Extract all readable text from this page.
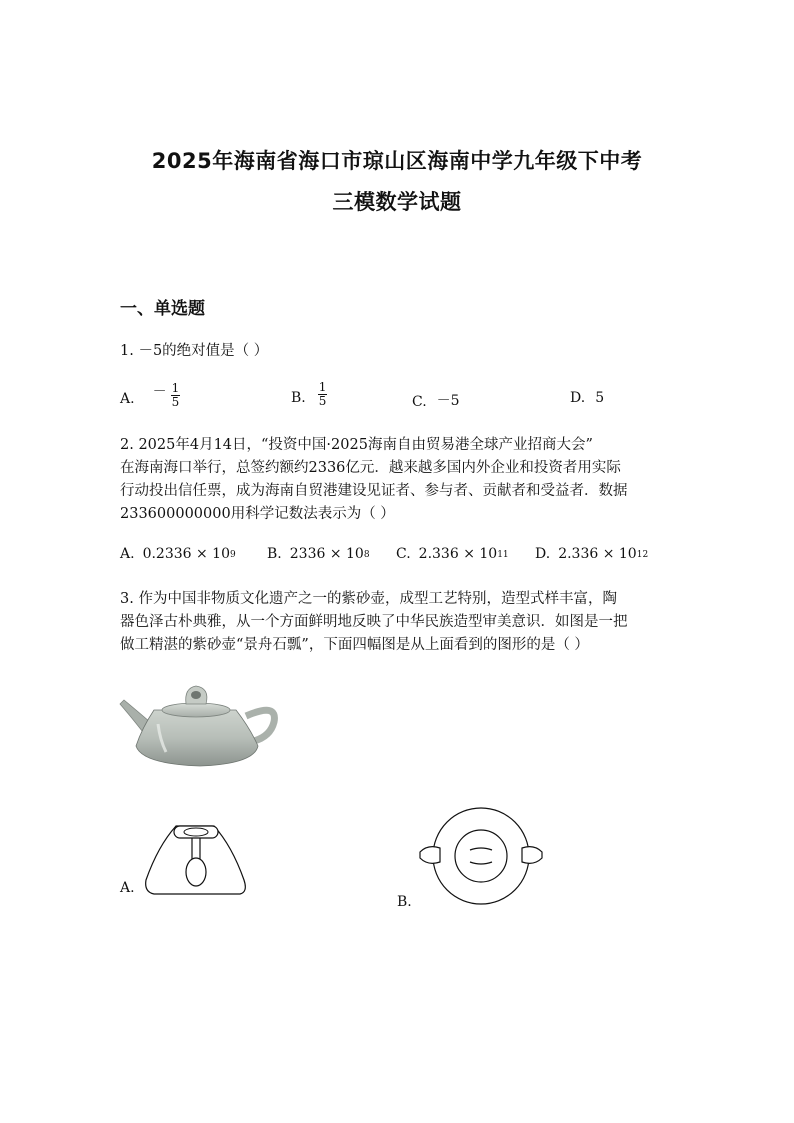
2025年海南省海口市琼山区海南中学九年级下中考
三模数学试题
一、单选题
1. －5的绝对值是（ ）
A. － $\frac{1}{5}$	B. $\frac{1}{5}$	C. －5	D. 5
2. 2025年4月14日，“投资中国·2025海南自由贸易港全球产业招商大会”
在海南海口举行，总签约额约2336亿元．越来越多国内外企业和投资者用实际
行动投出信任票，成为海南自贸港建设见证者、参与者、贡献者和受益者．数据
233600000000用科学记数法表示为（ ）
A. 0.2336 × 10 9 B. 2336 × 10 8 C. 2.336 × 10 11 D. 2.336 × 10 12
3. 作为中国非物质文化遗产之一的紫砂壶，成型工艺特别，造型式样丰富，陶
器色泽古朴典雅，从一个方面鲜明地反映了中华民族造型审美意识．如图是一把
做工精湛的紫砂壶“景舟石瓢”，下面四幅图是从上面看到的图形的是（ ）
A.
B.
